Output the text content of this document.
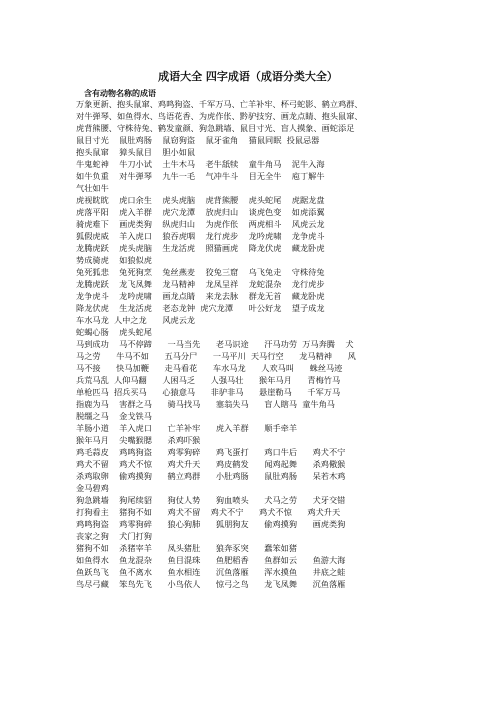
成语大全 四字成语（成语分类大全）
含有动物名称的成语
万象更新、抱头鼠窜、鸡鸣狗盗、千军万马、亡羊补牢、杯弓蛇影、鹤立鸡群、
对牛弹琴、如鱼得水、鸟语花香、为虎作伥、黔驴技穷、画龙点睛、抱头鼠窜、
虎背熊腰、守株待兔、鹤发童颜、狗急跳墙、鼠目寸光、盲人摸象、画蛇添足
鼠目寸光    鼠肚鸡肠    鼠窃狗盗    鼠牙雀角    猫鼠同眠  投鼠忌器
抱头鼠窜    獐头鼠目    胆小如鼠
牛鬼蛇神    牛刀小试    土牛木马    老牛舐犊    童牛角马    泥牛入海
如牛负重    对牛弹琴    九牛一毛    气冲牛斗    目无全牛    庖丁解牛
气壮如牛
虎视眈眈    虎口余生    虎头虎脑    虎背熊腰    虎头蛇尾    虎踞龙盘
虎落平阳    虎入羊群    虎穴龙潭    放虎归山    谈虎色变    如虎添翼
骑虎难下    画虎类狗    纵虎归山    为虎作伥    两虎相斗    风虎云龙
狐假虎威    羊入虎口    狼吞虎咽    龙行虎步    龙吟虎啸    龙争虎斗
龙腾虎跃    虎头虎脑    生龙活虎    照猫画虎    降龙伏虎    藏龙卧虎
势成骑虎    如狼似虎
兔死狐悲    兔死狗烹    兔丝燕麦    狡兔三窟    乌飞兔走    守株待兔
龙腾虎跃    龙飞凤舞    龙马精神    龙凤呈祥    龙蛇混杂    龙行虎步
龙争虎斗    龙吟虎啸    画龙点睛    来龙去脉    群龙无首    藏龙卧虎
降龙伏虎    生龙活虎    老态龙钟  虎穴龙潭      叶公好龙    望子成龙
车水马龙  人中之龙      风虎云龙
蛇蝎心肠    虎头蛇尾
马到成功    马不停蹄      一马当先      老马识途      汗马功劳  万马奔腾    犬
马之劳      牛马不如      五马分尸      一马平川  天马行空      龙马精神      风
马不接      快马加鞭      走马看花      车水马龙      人欢马叫      蛛丝马迹
兵荒马乱  人仰马翻      人困马乏      人强马壮      猴年马月      青梅竹马
单枪匹马  招兵买马      心猿意马      非驴非马      悬崖勒马      千军万马
指鹿为马    害群之马      骑马找马      塞翁失马      盲人瞎马  童牛角马
脱缰之马    金戈铁马
羊肠小道    羊入虎口      亡羊补牢      虎入羊群      顺手牵羊
猴年马月    尖嘴猴腮      杀鸡吓猴
鸡毛蒜皮    鸡鸣狗盗      鸡零狗碎      鸡飞蛋打      鸡口牛后      鸡犬不宁
鸡犬不留    鸡犬不惊      鸡犬升天      鸡皮鹤发      闻鸡起舞      杀鸡儆猴
杀鸡取卵    偷鸡摸狗      鹤立鸡群      小肚鸡肠      鼠肚鸡肠      呆若木鸡
金马碧鸡
狗急跳墙    狗尾续貂      狗仗人势      狗血喷头      犬马之劳      犬牙交错
打狗看主    猪狗不如      鸡犬不留    鸡犬不宁      鸡犬不惊      鸡犬升天
鸡鸣狗盗    鸡零狗碎      狼心狗肺      狐朋狗友      偷鸡摸狗      画虎类狗
丧家之狗    犬门打狗
猪狗不如    杀猪宰羊      凤头猪肚      狼奔豕突      蠢笨如猪
如鱼得水    鱼龙混杂      鱼目混珠      鱼肥稻香      鱼群如云      鱼游大海
鱼跃鸟飞    鱼不离水      鱼水相连      沉鱼落雁      浑水摸鱼      井底之蛙
鸟尽弓藏    笨鸟先飞      小鸟依人      惊弓之鸟      龙飞凤舞      沉鱼落雁
